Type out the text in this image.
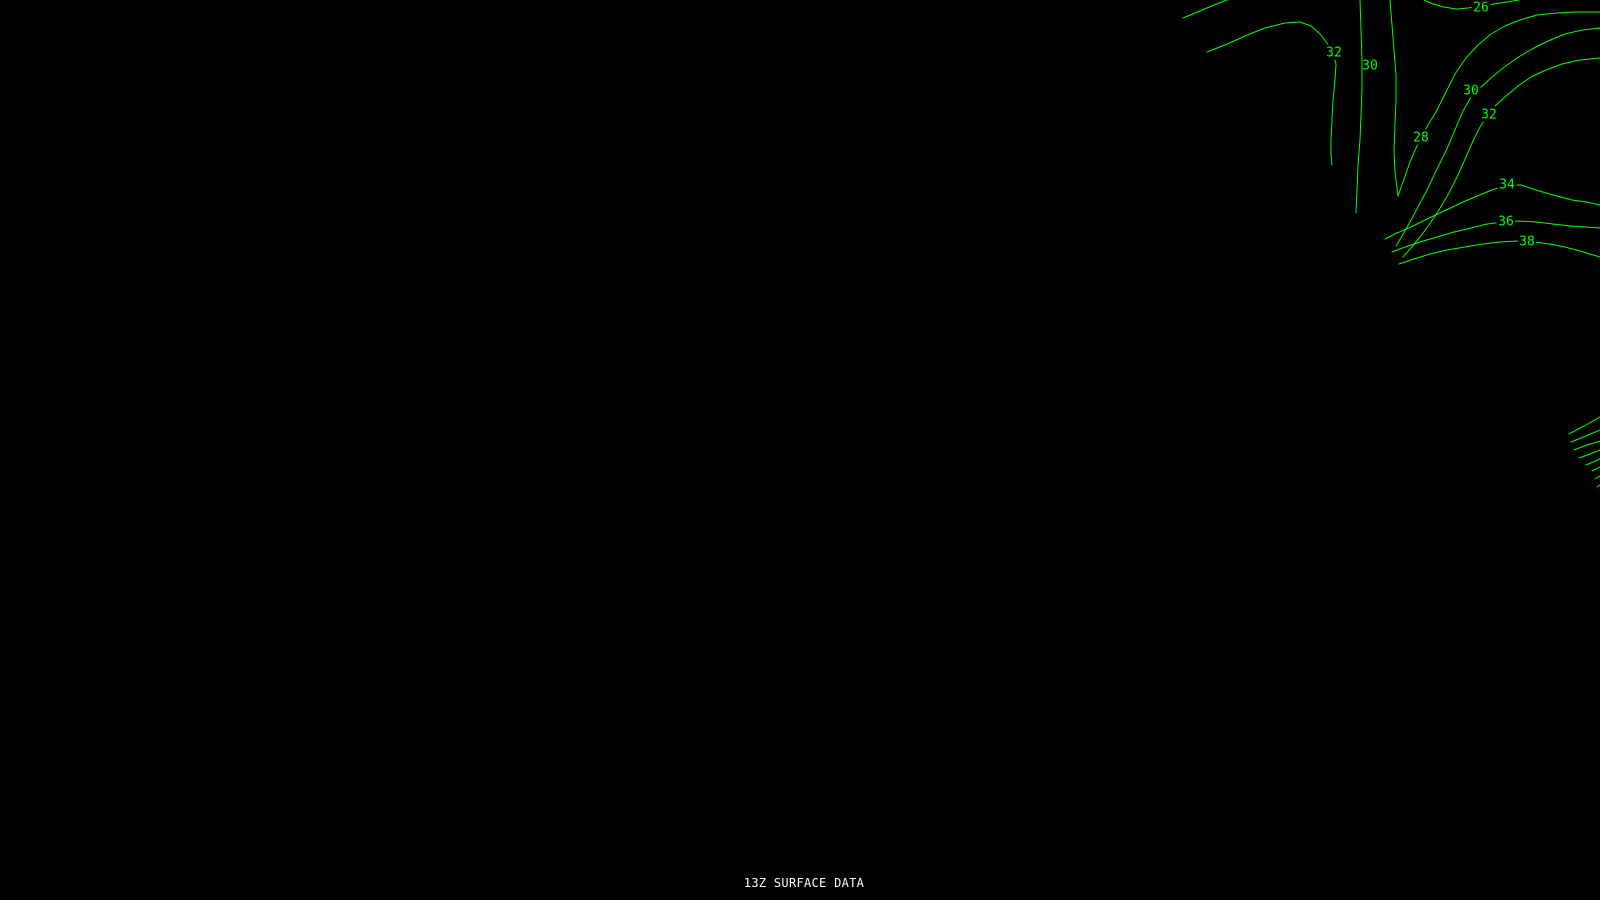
26
32
30
28
30
32
34
36
38
13Z SURFACE DATA
